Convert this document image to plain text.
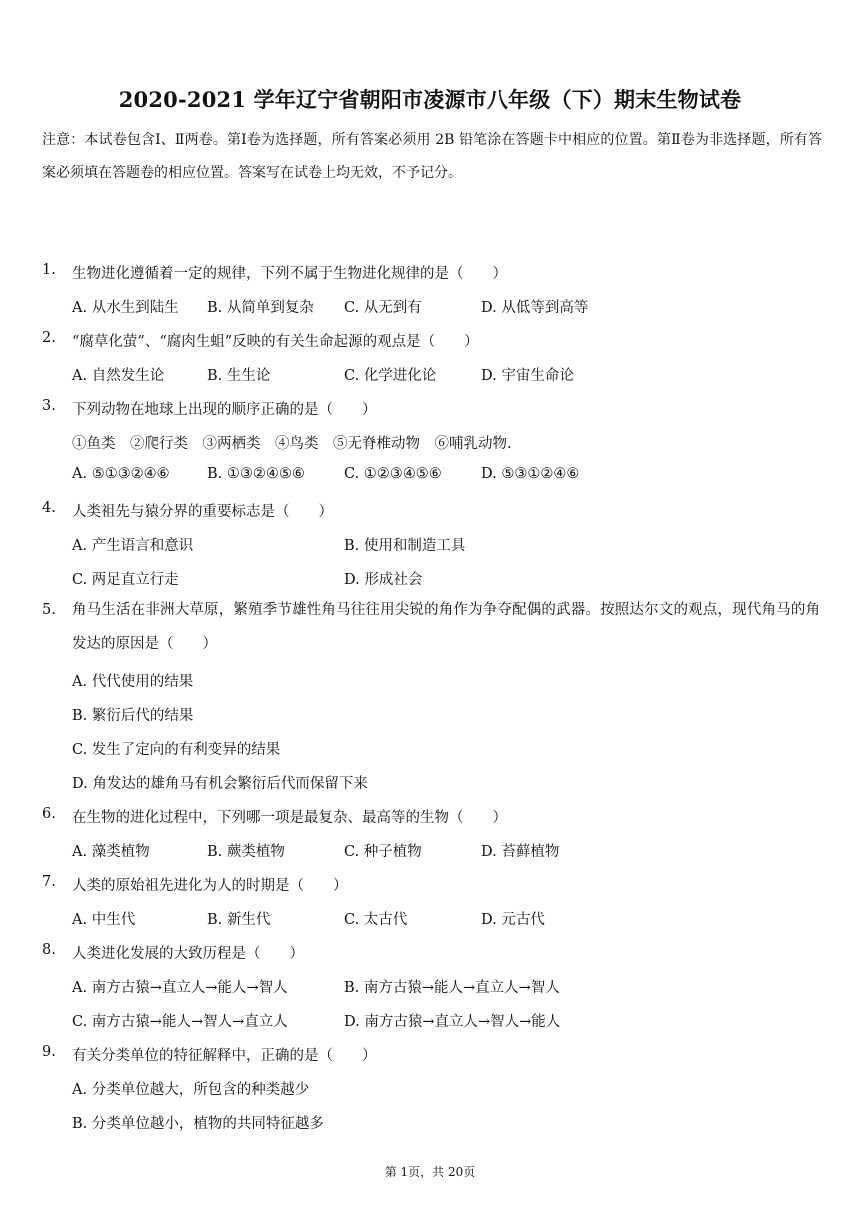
2020-2021 学年辽宁省朝阳市凌源市八年级（下）期末生物试卷
注意：本试卷包含Ⅰ、Ⅱ两卷。第Ⅰ卷为选择题，所有答案必须用 2B 铅笔涂在答题卡中相应的位置。第Ⅱ卷为非选择题，所有答案必须填在答题卷的相应位置。答案写在试卷上均无效，不予记分。
1. 生物进化遵循着一定的规律，下列不属于生物进化规律的是（　　）
A. 从水生到陆生 B. 从简单到复杂 C. 从无到有	D. 从低等到高等
2. “腐草化萤”、“腐肉生蛆”反映的有关生命起源的观点是（　　）
A. 自然发生论	B. 生生论	C. 化学进化论	D. 宇宙生命论
3. 下列动物在地球上出现的顺序正确的是（　　）
①鱼类　②爬行类　③两栖类　④鸟类　⑤无脊椎动物　⑥哺乳动物.
A. ⑤①③②④⑥	B. ①③②④⑤⑥	C. ①②③④⑤⑥	D. ⑤③①②④⑥
4. 人类祖先与猿分界的重要标志是（　　）
A. 产生语言和意识	B. 使用和制造工具
C. 两足直立行走	D. 形成社会
5. 角马生活在非洲大草原，繁殖季节雄性角马往往用尖锐的角作为争夺配偶的武器。按照达尔文的观点，现代角马的角发达的原因是（　　）
A. 代代使用的结果
B. 繁衍后代的结果
C. 发生了定向的有利变异的结果
D. 角发达的雄角马有机会繁衍后代而保留下来
6. 在生物的进化过程中，下列哪一项是最复杂、最高等的生物（　　）
A. 藻类植物	B. 蕨类植物	C. 种子植物	D. 苔藓植物
7. 人类的原始祖先进化为人的时期是（　　）
A. 中生代	B. 新生代	C. 太古代	D. 元古代
8. 人类进化发展的大致历程是（　　）
A. 南方古猿→直立人→能人→智人	B. 南方古猿→能人→直立人→智人
C. 南方古猿→能人→智人→直立人	D. 南方古猿→直立人→智人→能人
9. 有关分类单位的特征解释中，正确的是（　　）
A. 分类单位越大，所包含的种类越少
B. 分类单位越小，植物的共同特征越多
第 1页，共 20页
